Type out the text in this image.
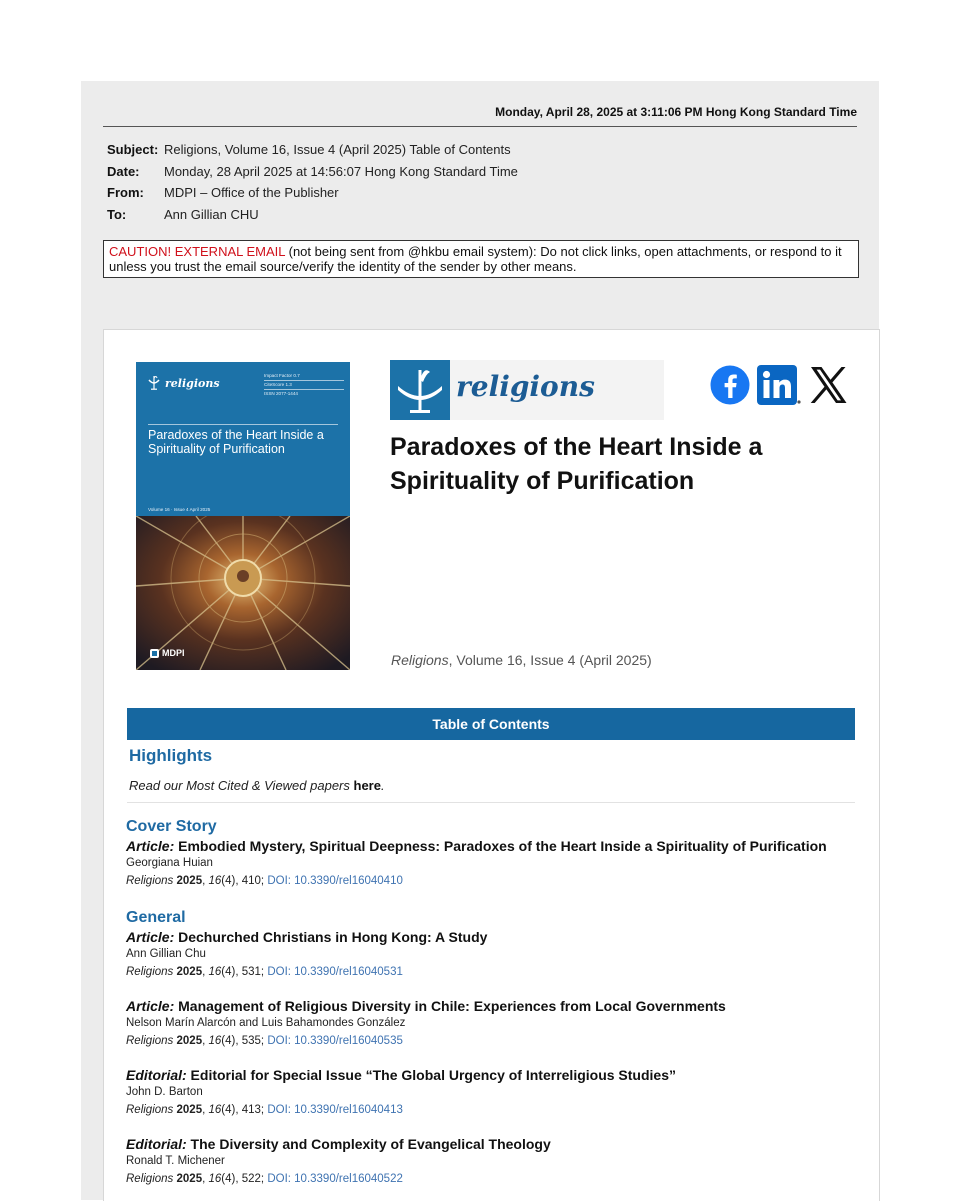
Monday, April 28, 2025 at 3:11:06 PM Hong Kong Standard Time
Subject: Religions, Volume 16, Issue 4 (April 2025) Table of Contents
Date:	Monday, 28 April 2025 at 14:56:07 Hong Kong Standard Time
From:	MDPI – Office of the Publisher
To:	Ann Gillian CHU
CAUTION! EXTERNAL EMAIL (not being sent from @hkbu email system): Do not click links, open attachments, or respond to it unless you trust the email source/verify the identity of the sender by other means.
religions
Impact Factor 0.7
CiteScore 1.3
ISSN 2077-1444
Paradoxes of the Heart Inside a Spirituality of Purification
Volume 16 · Issue 4 April 2025
MDPI
religions
Paradoxes of the Heart Inside a Spirituality of Purification
Religions, Volume 16, Issue 4 (April 2025)
Table of Contents
Highlights
Read our Most Cited & Viewed papers here.
Cover Story
Article: Embodied Mystery, Spiritual Deepness: Paradoxes of the Heart Inside a Spirituality of Purification
Georgiana Huian
Religions 2025, 16(4), 410; DOI: 10.3390/rel16040410
General
Article: Dechurched Christians in Hong Kong: A Study
Ann Gillian Chu
Religions 2025, 16(4), 531; DOI: 10.3390/rel16040531
Article: Management of Religious Diversity in Chile: Experiences from Local Governments
Nelson Marín Alarcón and Luis Bahamondes González
Religions 2025, 16(4), 535; DOI: 10.3390/rel16040535
Editorial: Editorial for Special Issue “The Global Urgency of Interreligious Studies”
John D. Barton
Religions 2025, 16(4), 413; DOI: 10.3390/rel16040413
Editorial: The Diversity and Complexity of Evangelical Theology
Ronald T. Michener
Religions 2025, 16(4), 522; DOI: 10.3390/rel16040522
